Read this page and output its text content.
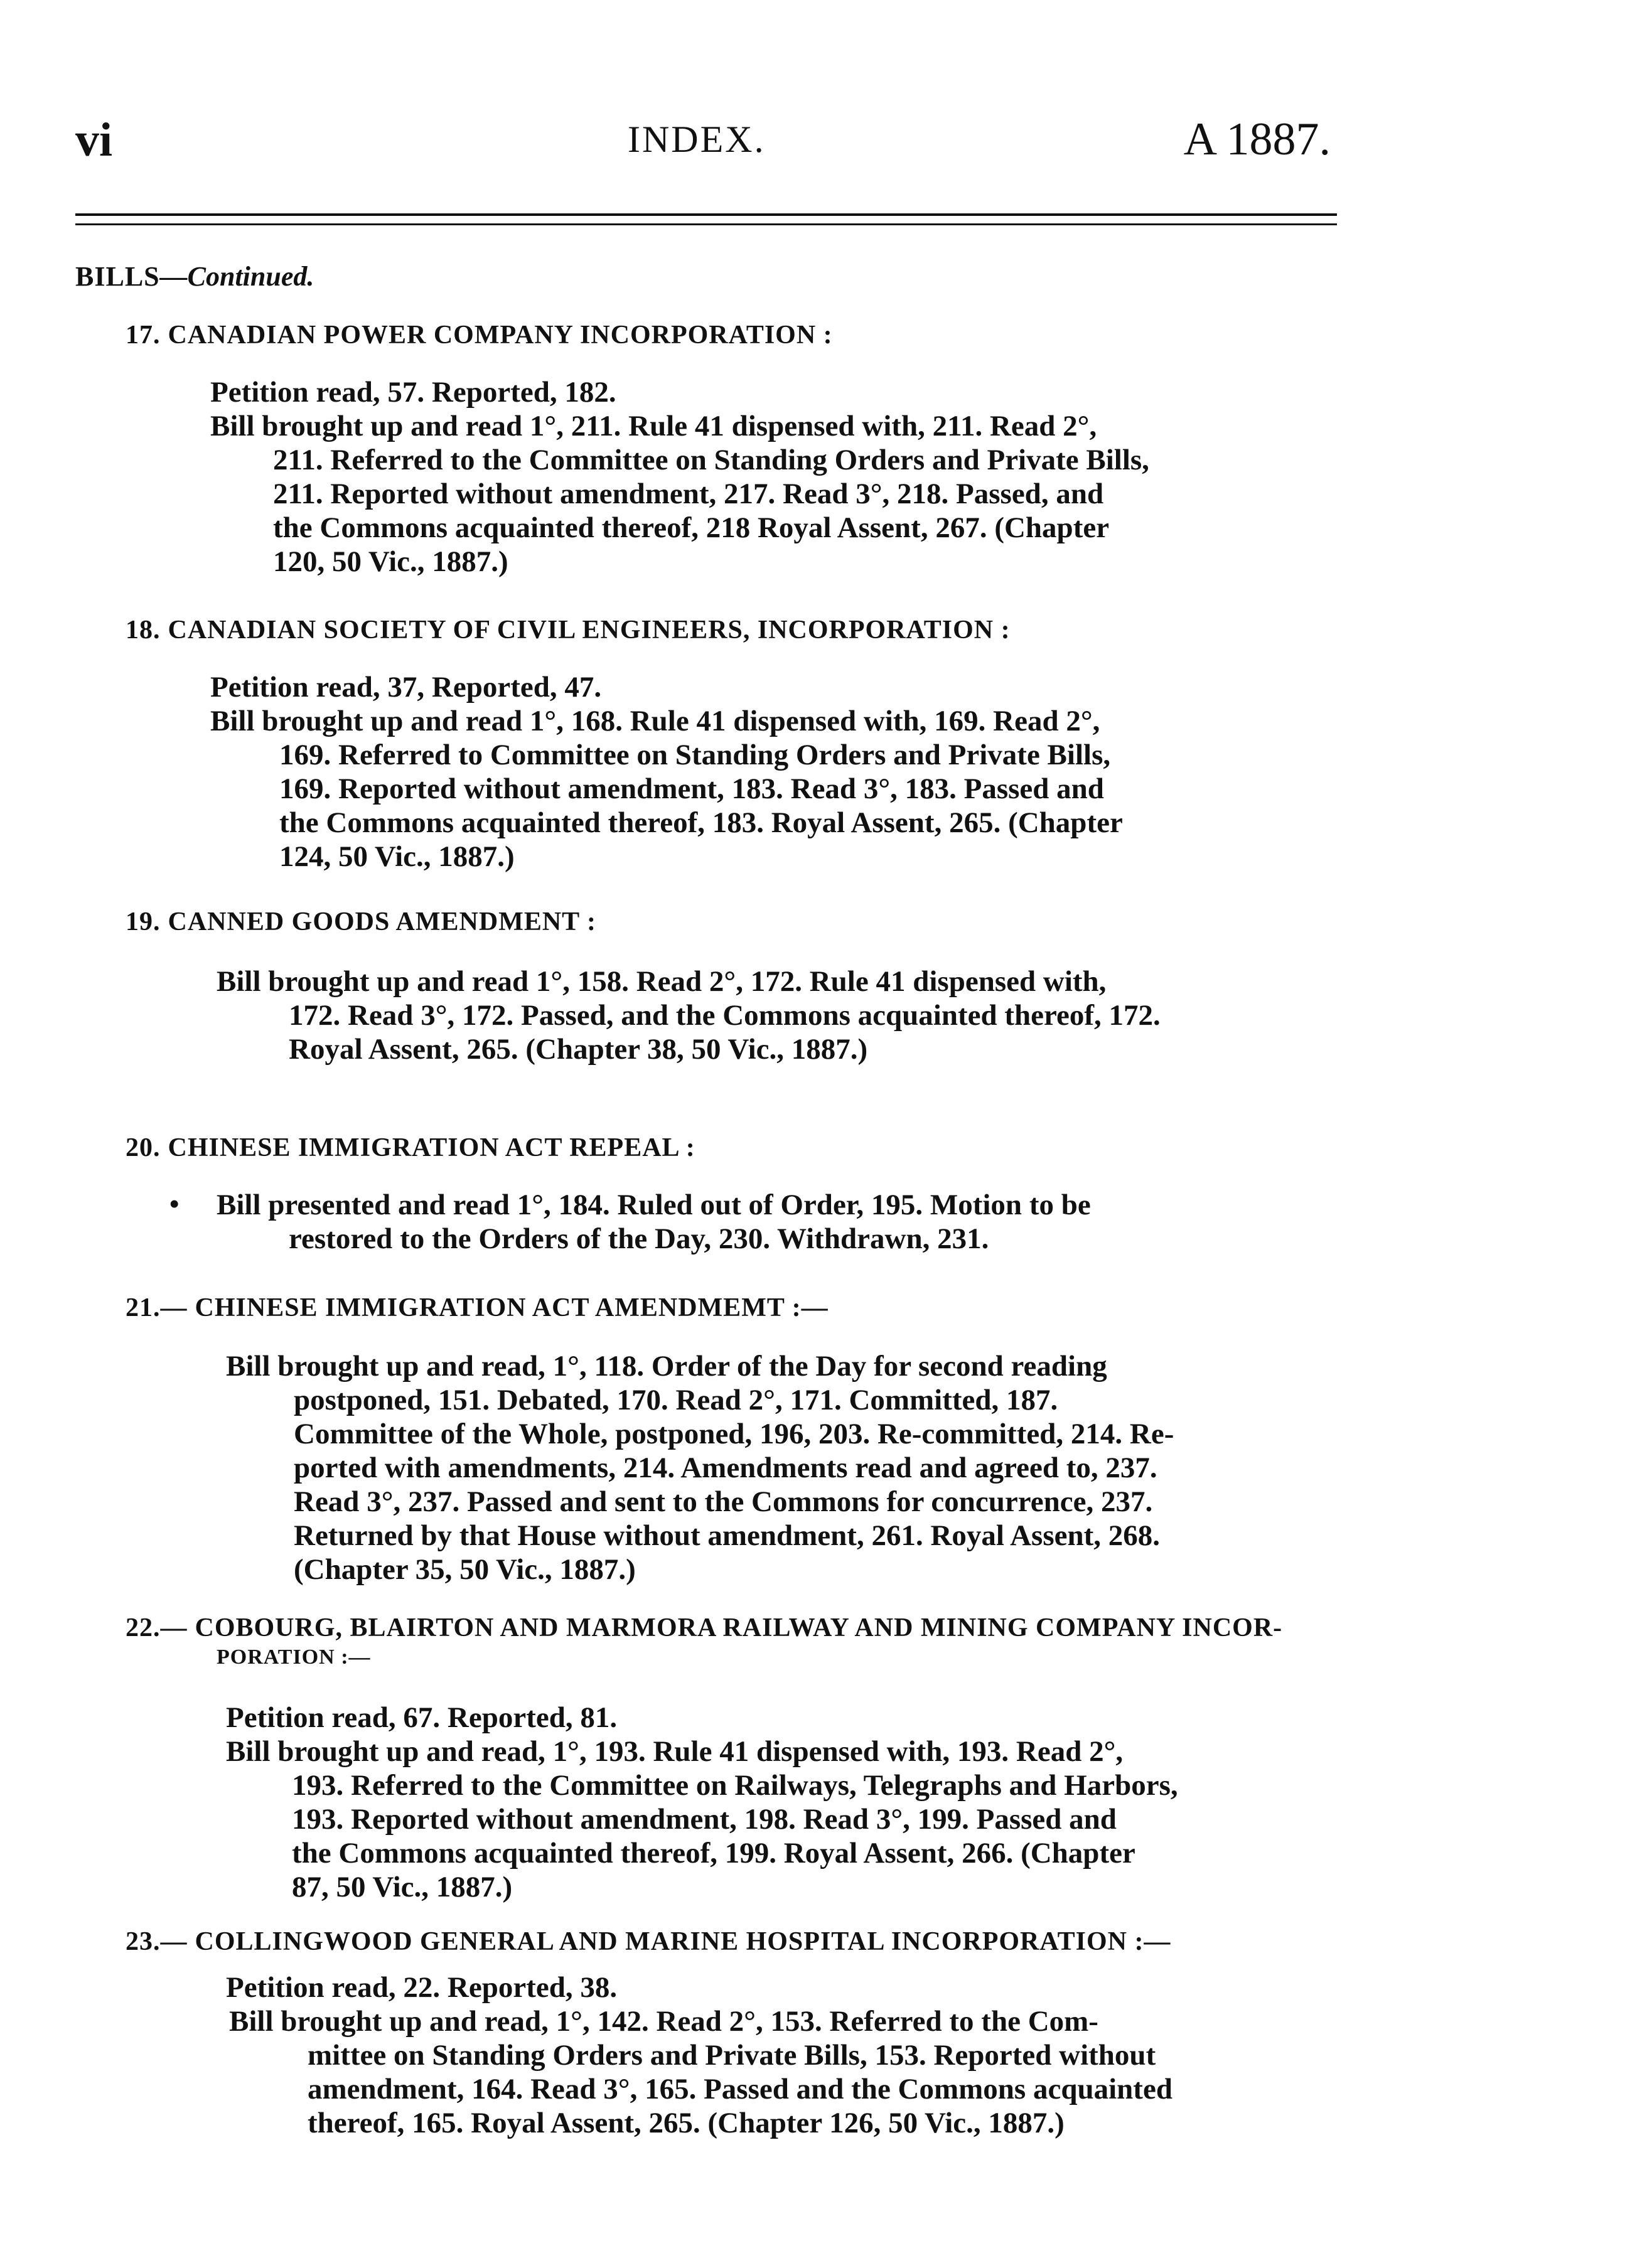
vi	INDEX.	A 1887.
BILLS—Continued.
17. CANADIAN POWER COMPANY INCORPORATION :
Petition read, 57. Reported, 182.
Bill brought up and read 1°, 211. Rule 41 dispensed with, 211. Read 2°,
211. Referred to the Committee on Standing Orders and Private Bills,
211. Reported without amendment, 217. Read 3°, 218. Passed, and
the Commons acquainted thereof, 218 Royal Assent, 267. (Chapter
120, 50 Vic., 1887.)
18. CANADIAN SOCIETY OF CIVIL ENGINEERS, INCORPORATION :
Petition read, 37, Reported, 47.
Bill brought up and read 1°, 168. Rule 41 dispensed with, 169. Read 2°,
169. Referred to Committee on Standing Orders and Private Bills,
169. Reported without amendment, 183. Read 3°, 183. Passed and
the Commons acquainted thereof, 183. Royal Assent, 265. (Chapter
124, 50 Vic., 1887.)
19. CANNED GOODS AMENDMENT :
Bill brought up and read 1°, 158. Read 2°, 172. Rule 41 dispensed with,
172. Read 3°, 172. Passed, and the Commons acquainted thereof, 172.
Royal Assent, 265. (Chapter 38, 50 Vic., 1887.)
20. CHINESE IMMIGRATION ACT REPEAL :
• Bill presented and read 1°, 184. Ruled out of Order, 195. Motion to be
restored to the Orders of the Day, 230. Withdrawn, 231.
21.— CHINESE IMMIGRATION ACT AMENDMEMT :—
Bill brought up and read, 1°, 118. Order of the Day for second reading
postponed, 151. Debated, 170. Read 2°, 171. Committed, 187.
Committee of the Whole, postponed, 196, 203. Re-committed, 214. Re-
ported with amendments, 214. Amendments read and agreed to, 237.
Read 3°, 237. Passed and sent to the Commons for concurrence, 237.
Returned by that House without amendment, 261. Royal Assent, 268.
(Chapter 35, 50 Vic., 1887.)
22.— COBOURG, BLAIRTON AND MARMORA RAILWAY AND MINING COMPANY INCOR-
PORATION :—
Petition read, 67. Reported, 81.
Bill brought up and read, 1°, 193. Rule 41 dispensed with, 193. Read 2°,
193. Referred to the Committee on Railways, Telegraphs and Harbors,
193. Reported without amendment, 198. Read 3°, 199. Passed and
the Commons acquainted thereof, 199. Royal Assent, 266. (Chapter
87, 50 Vic., 1887.)
23.— COLLINGWOOD GENERAL AND MARINE HOSPITAL INCORPORATION :—
Petition read, 22. Reported, 38.
Bill brought up and read, 1°, 142. Read 2°, 153. Referred to the Com-
mittee on Standing Orders and Private Bills, 153. Reported without
amendment, 164. Read 3°, 165. Passed and the Commons acquainted
thereof, 165. Royal Assent, 265. (Chapter 126, 50 Vic., 1887.)
